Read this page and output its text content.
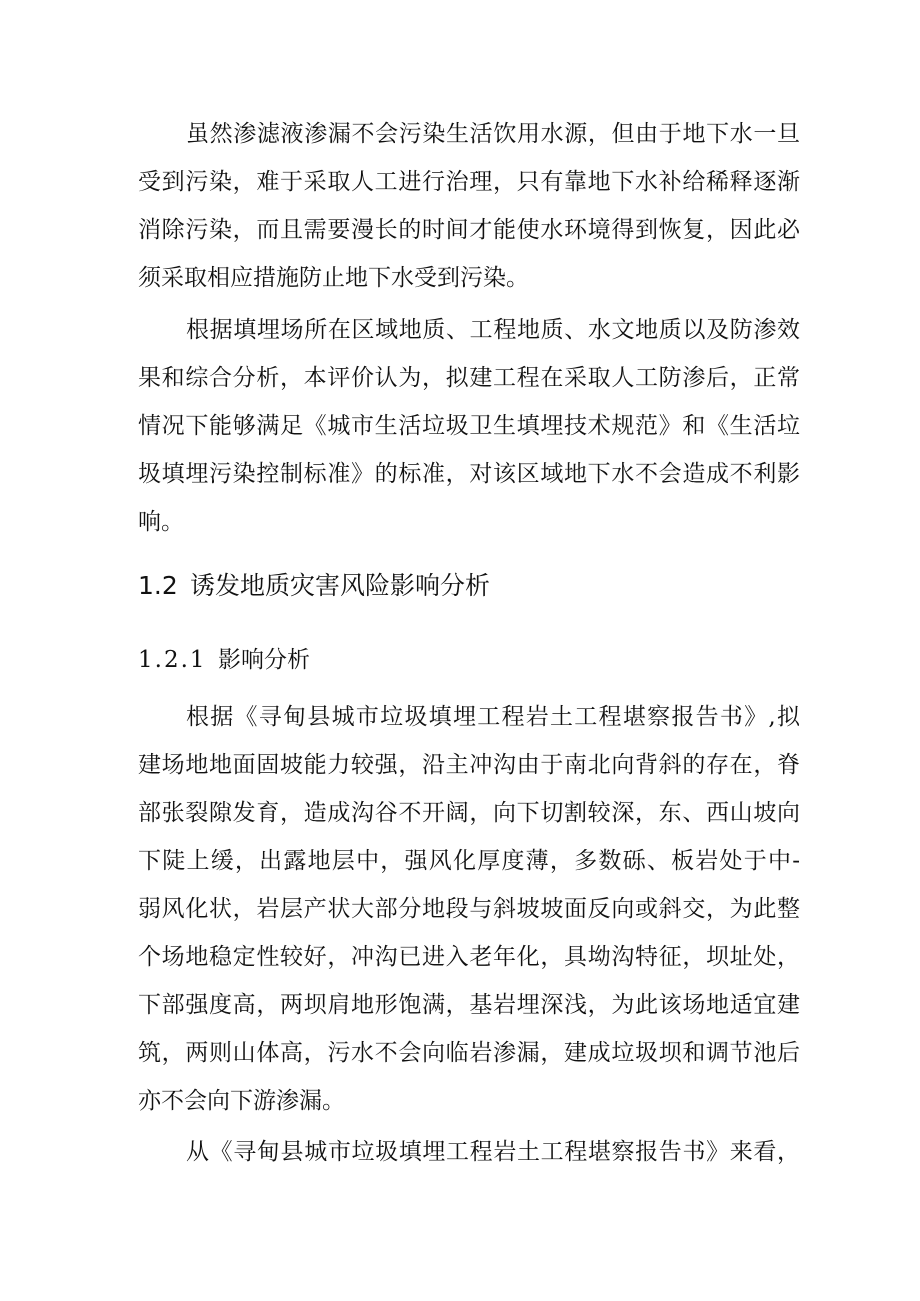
虽然渗滤液渗漏不会污染生活饮用水源，但由于地下水一旦
受到污染，难于采取人工进行治理，只有靠地下水补给稀释逐渐
消除污染，而且需要漫长的时间才能使水环境得到恢复，因此必
须采取相应措施防止地下水受到污染。
根据填埋场所在区域地质、工程地质、水文地质以及防渗效
果和综合分析，本评价认为，拟建工程在采取人工防渗后，正常
情况下能够满足《城市生活垃圾卫生填埋技术规范》和《生活垃
圾填埋污染控制标准》的标准，对该区域地下水不会造成不利影
响。
1.2 诱发地质灾害风险影响分析
1.2.1 影响分析
根据《寻甸县城市垃圾填埋工程岩土工程堪察报告书》,拟
建场地地面固坡能力较强，沿主冲沟由于南北向背斜的存在，脊
部张裂隙发育，造成沟谷不开阔，向下切割较深，东、西山坡向
下陡上缓，出露地层中，强风化厚度薄，多数砾、板岩处于中-
弱风化状，岩层产状大部分地段与斜坡坡面反向或斜交，为此整
个场地稳定性较好，冲沟已进入老年化，具坳沟特征，坝址处，
下部强度高，两坝肩地形饱满，基岩埋深浅，为此该场地适宜建
筑，两则山体高，污水不会向临岩渗漏，建成垃圾坝和调节池后
亦不会向下游渗漏。
从《寻甸县城市垃圾填埋工程岩土工程堪察报告书》来看，
